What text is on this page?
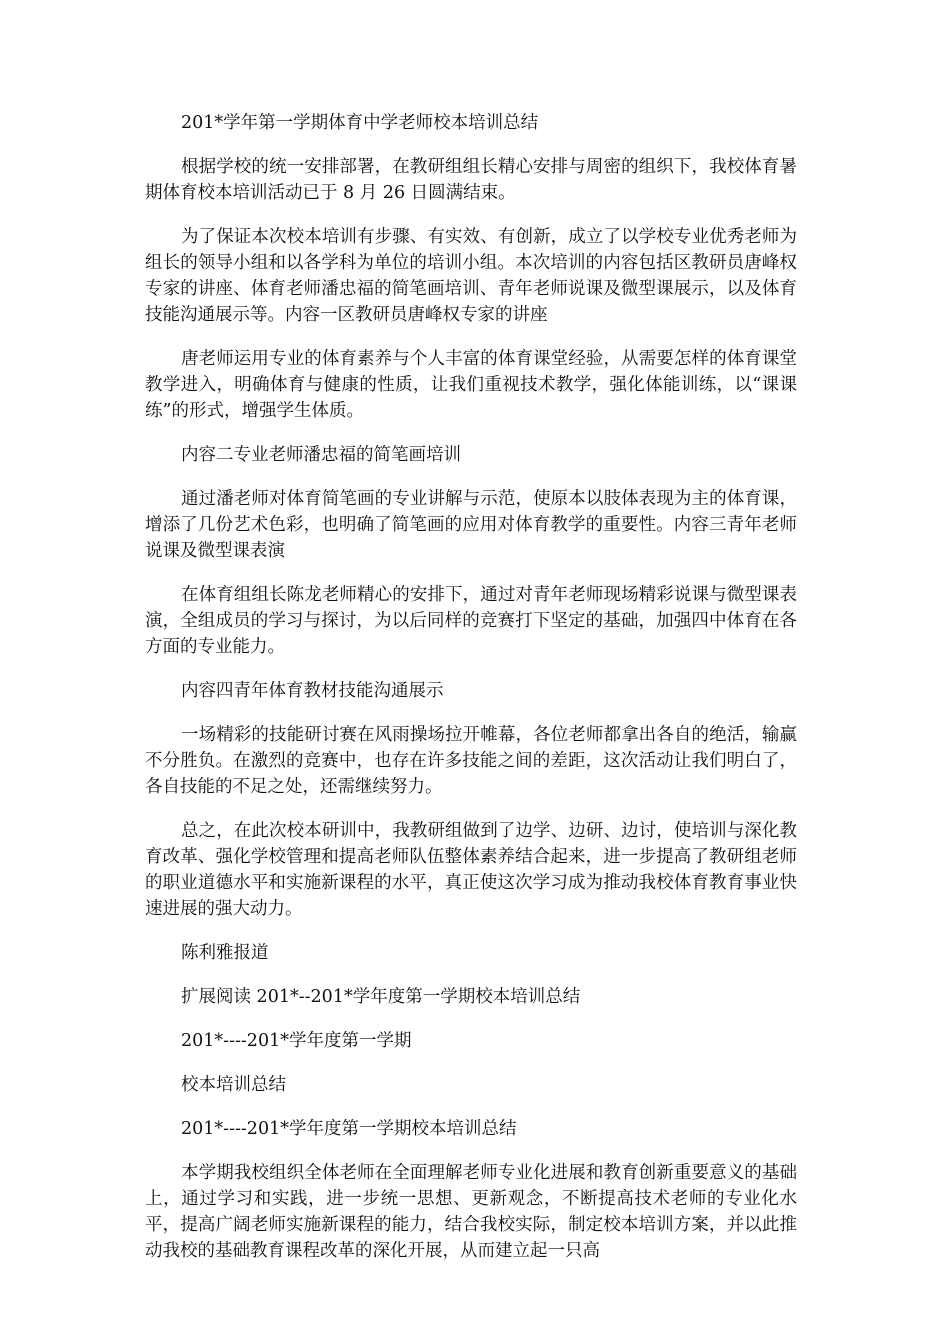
201*学年第一学期体育中学老师校本培训总结

根据学校的统一安排部署，在教研组组长精心安排与周密的组织下，我校体育暑期体育校本培训活动已于 8 月 26 日圆满结束。

为了保证本次校本培训有步骤、有实效、有创新，成立了以学校专业优秀老师为组长的领导小组和以各学科为单位的培训小组。本次培训的内容包括区教研员唐峰权专家的讲座、体育老师潘忠福的简笔画培训、青年老师说课及微型课展示，以及体育技能沟通展示等。内容一区教研员唐峰权专家的讲座

唐老师运用专业的体育素养与个人丰富的体育课堂经验，从需要怎样的体育课堂教学进入，明确体育与健康的性质，让我们重视技术教学，强化体能训练，以“课课练”的形式，增强学生体质。

内容二专业老师潘忠福的简笔画培训

通过潘老师对体育简笔画的专业讲解与示范，使原本以肢体表现为主的体育课，增添了几份艺术色彩，也明确了简笔画的应用对体育教学的重要性。内容三青年老师说课及微型课表演

在体育组组长陈龙老师精心的安排下，通过对青年老师现场精彩说课与微型课表演，全组成员的学习与探讨，为以后同样的竞赛打下坚定的基础，加强四中体育在各方面的专业能力。

内容四青年体育教材技能沟通展示

一场精彩的技能研讨赛在风雨操场拉开帷幕，各位老师都拿出各自的绝活，输赢不分胜负。在激烈的竞赛中，也存在许多技能之间的差距，这次活动让我们明白了，各自技能的不足之处，还需继续努力。

总之，在此次校本研训中，我教研组做到了边学、边研、边讨，使培训与深化教育改革、强化学校管理和提高老师队伍整体素养结合起来，进一步提高了教研组老师的职业道德水平和实施新课程的水平，真正使这次学习成为推动我校体育教育事业快速进展的强大动力。

陈利雅报道

扩展阅读 201*--201*学年度第一学期校本培训总结

201*----201*学年度第一学期

校本培训总结

201*----201*学年度第一学期校本培训总结

本学期我校组织全体老师在全面理解老师专业化进展和教育创新重要意义的基础上，通过学习和实践，进一步统一思想、更新观念，不断提高技术老师的专业化水平，提高广阔老师实施新课程的能力，结合我校实际，制定校本培训方案，并以此推动我校的基础教育课程改革的深化开展，从而建立起一只高
